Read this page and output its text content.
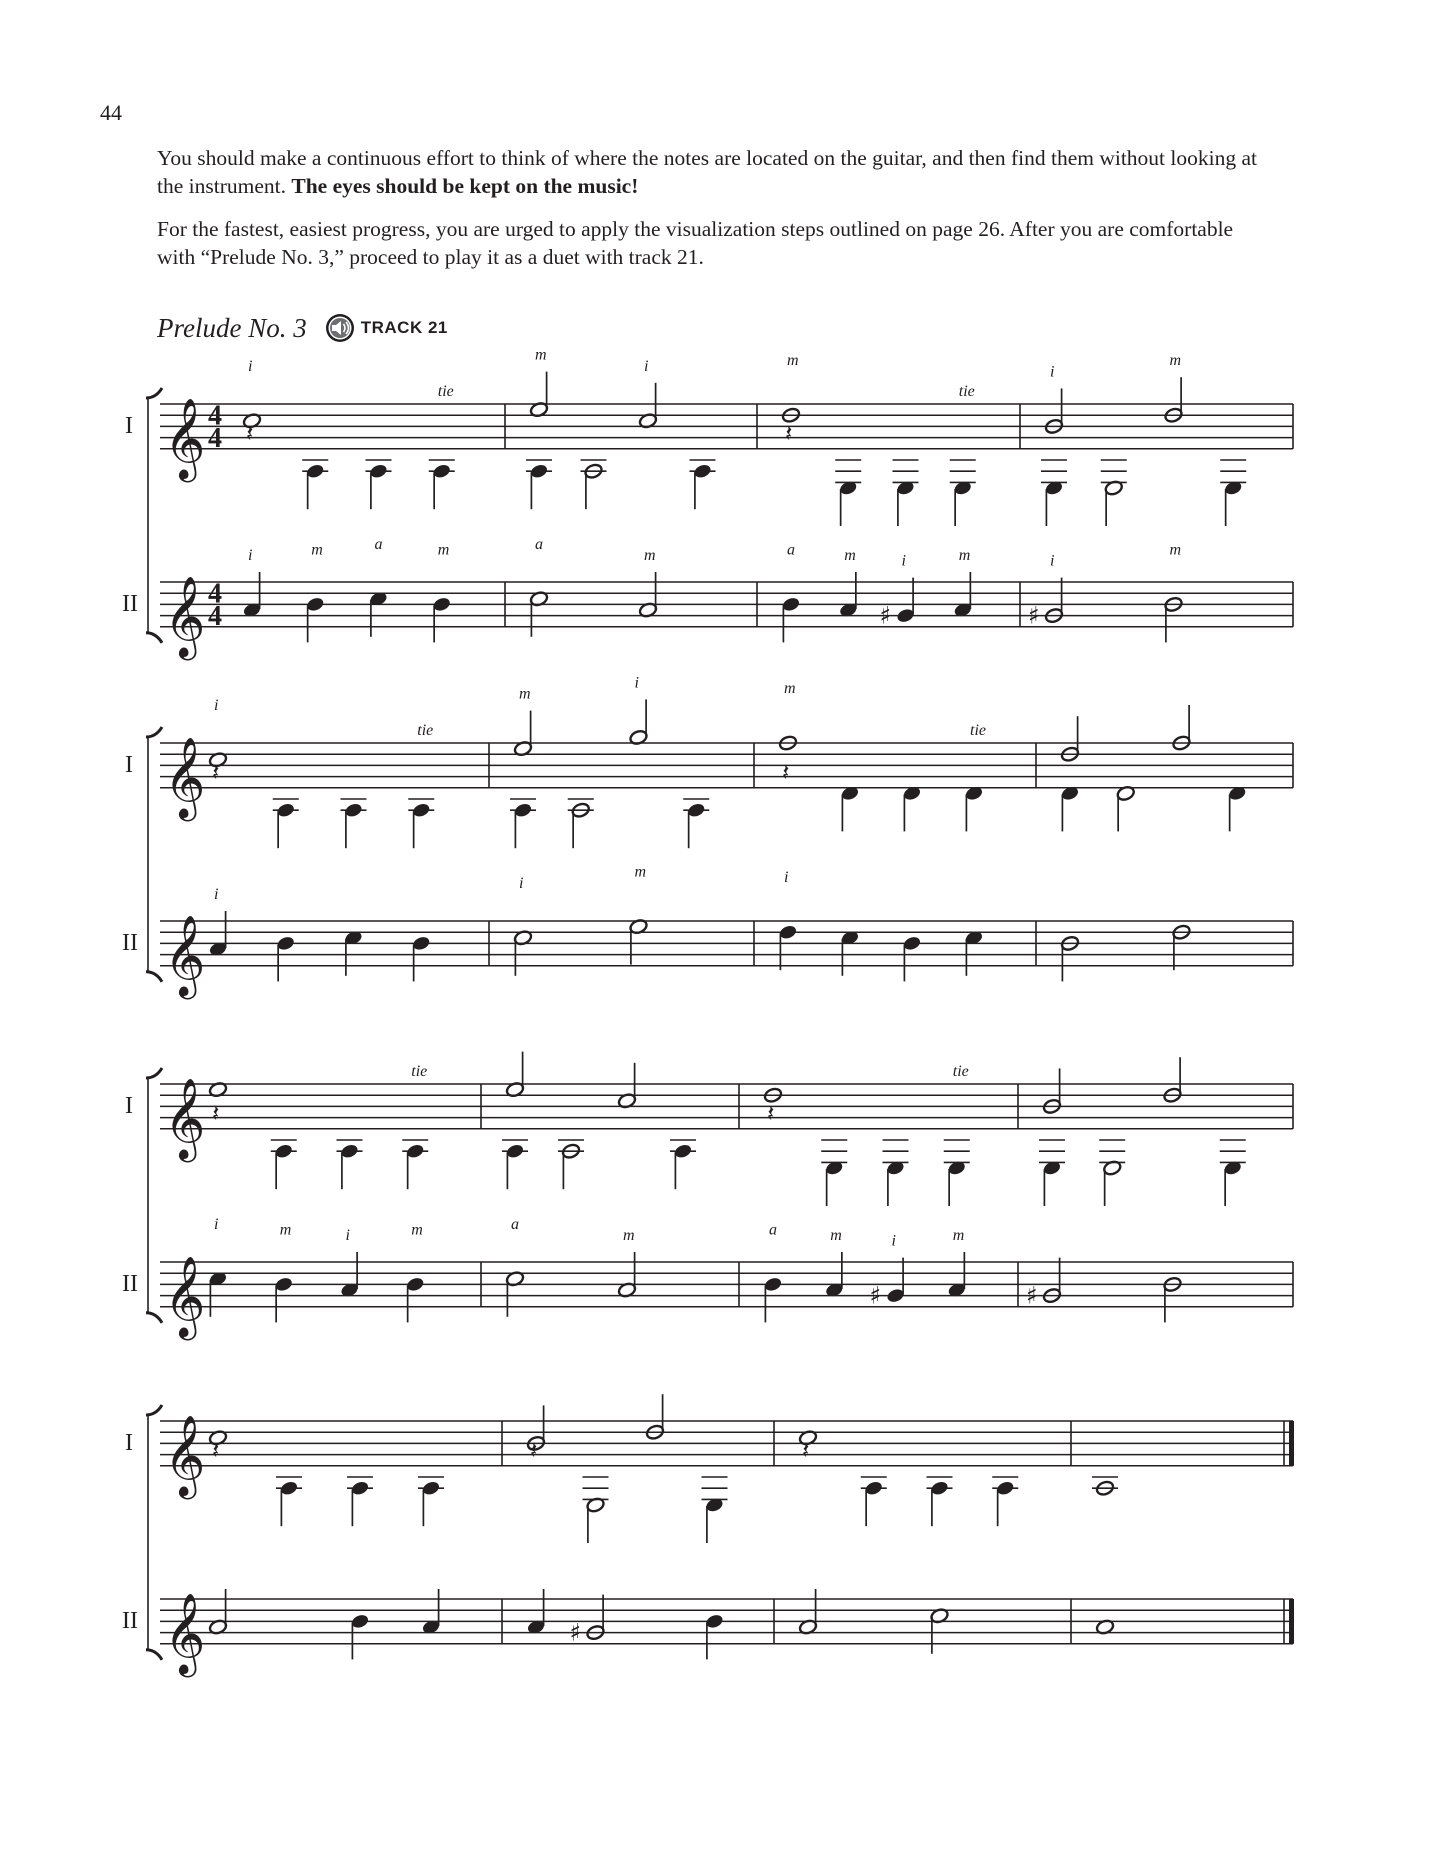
44

You should make a continuous effort to think of where the notes are located on the guitar, and then find them without looking at the instrument. The eyes should be kept on the music!

For the fastest, easiest progress, you are urged to apply the visualization steps outlined on page 26. After you are comfortable with “Prelude No. 3,” proceed to play it as a duet with track 21.

Prelude No. 3	TRACK 21
I
II
𝄞 4
4
𝄞 4
4
i
𝄽
tie
i	m	a	m
m
i
a
m
m
𝄽
tie
a	m
♯
i	m
i
m
♯
i
m
I
II
𝄞
𝄞
i
𝄽
tie
i
m
i
i
m
m
𝄽
tie
i
I
II
𝄞
𝄞
𝄽
tie
i	m	i	m	a
m
𝄽
tie
a	m
♯
i	m
♯
I
II
𝄞
𝄞
𝄽	𝄽
♯
𝄽
